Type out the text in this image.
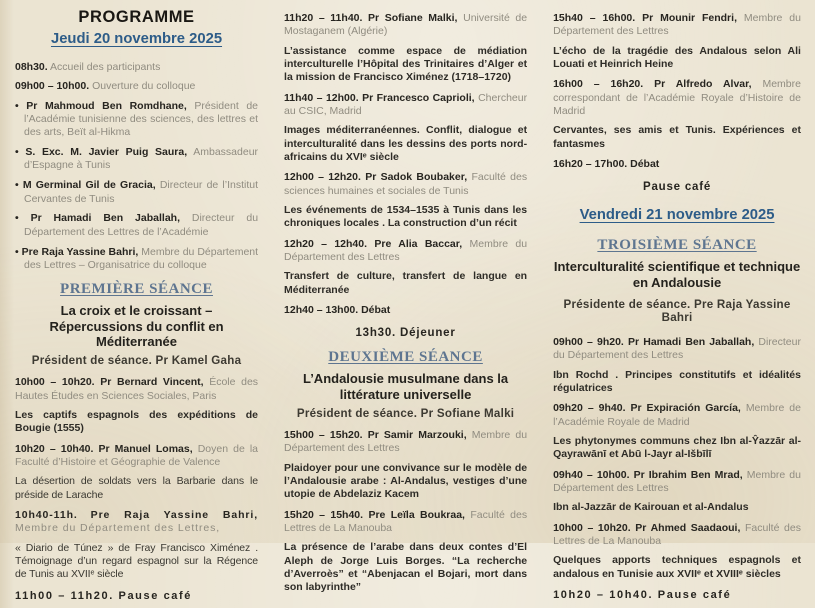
PROGRAMME
Jeudi 20 novembre 2025

08h30. Accueil des participants

09h00 – 10h00. Ouverture du colloque

• Pr Mahmoud Ben Romdhane, Président de l’Académie tunisienne des sciences, des lettres et des arts, Beït al-Hikma

• S. Exc. M. Javier Puig Saura, Ambassadeur d’Espagne à Tunis

• M Germinal Gil de Gracia, Directeur de l’Institut Cervantes de Tunis

• Pr Hamadi Ben Jaballah, Directeur du Département des Lettres de l’Académie

• Pre Raja Yassine Bahri, Membre du Département des Lettres – Organisatrice du colloque

PREMIÈRE SÉANCE
La croix et le croissant – Répercussions du conflit en Méditerranée

Président de séance. Pr Kamel Gaha

10h00 – 10h20. Pr Bernard Vincent, École des Hautes Études en Sciences Sociales, Paris

Les captifs espagnols des expéditions de Bougie (1555)

10h20 – 10h40. Pr Manuel Lomas, Doyen de la Faculté d’Histoire et Géographie de Valence

La désertion de soldats vers la Barbarie dans le préside de Larache

10h40-11h. Pre Raja Yassine Bahri, Membre du Département des Lettres,

« Diario de Túnez » de Fray Francisco Ximénez . Témoignage d’un regard espagnol sur la Régence de Tunis au XVIIᵉ siècle

11h00 – 11h20. Pause café

11h20 – 11h40. Pr Sofiane Malki, Université de Mostaganem (Algérie)

L’assistance comme espace de médiation interculturelle l’Hôpital des Trinitaires d’Alger et la mission de Francisco Ximénez (1718–1720)

11h40 – 12h00. Pr Francesco Caprioli, Chercheur au CSIC, Madrid

Images méditerranéennes. Conflit, dialogue et interculturalité dans les dessins des ports nord-africains du XVIᵉ siècle

12h00 – 12h20. Pr Sadok Boubaker, Faculté des sciences humaines et sociales de Tunis

Les événements de 1534–1535 à Tunis dans les chroniques locales . La construction d’un récit

12h20 – 12h40. Pre Alia Baccar, Membre du Département des Lettres

Transfert de culture, transfert de langue en Méditerranée

12h40 – 13h00. Débat

13h30. Déjeuner

DEUXIÈME SÉANCE
L’Andalousie musulmane dans la littérature universelle

Président de séance. Pr Sofiane Malki

15h00 – 15h20. Pr Samir Marzouki, Membre du Département des Lettres

Plaidoyer pour une convivance sur le modèle de l’Andalousie arabe : Al-Andalus, vestiges d’une utopie de Abdelaziz Kacem

15h20 – 15h40. Pre Leïla Boukraa, Faculté des Lettres de La Manouba

La présence de l’arabe dans deux contes d’El Aleph de Jorge Luis Borges. “La recherche d’Averroès” et “Abenjacan el Bojari, mort dans son labyrinthe”

15h40 – 16h00. Pr Mounir Fendri, Membre du Département des Lettres

L’écho de la tragédie des Andalous selon Ali Louati et Heinrich Heine

16h00 – 16h20. Pr Alfredo Alvar, Membre correspondant de l’Académie Royale d’Histoire de Madrid

Cervantes, ses amis et Tunis. Expériences et fantasmes

16h20 – 17h00. Débat

Pause café

Vendredi 21 novembre 2025
TROISIÈME SÉANCE
Interculturalité scientifique et technique en Andalousie

Présidente de séance. Pre Raja Yassine Bahri

09h00 – 9h20. Pr Hamadi Ben Jaballah, Directeur du Département des Lettres

Ibn Rochd . Principes constitutifs et idéalités régulatrices

09h20 – 9h40. Pr Expiración García, Membre de l’Académie Royale de Madrid

Les phytonymes communs chez Ibn al-Ŷazzār al-Qayrawānī et Abū l-Jayr al-Išbīlī

09h40 – 10h00. Pr Ibrahim Ben Mrad, Membre du Département des Lettres

Ibn al-Jazzār de Kairouan et al-Andalus

10h00 – 10h20. Pr Ahmed Saadaoui, Faculté des Lettres de La Manouba

Quelques apports techniques espagnols et andalous en Tunisie aux XVIIᵉ et XVIIIᵉ siècles

10h20 – 10h40. Pause café
